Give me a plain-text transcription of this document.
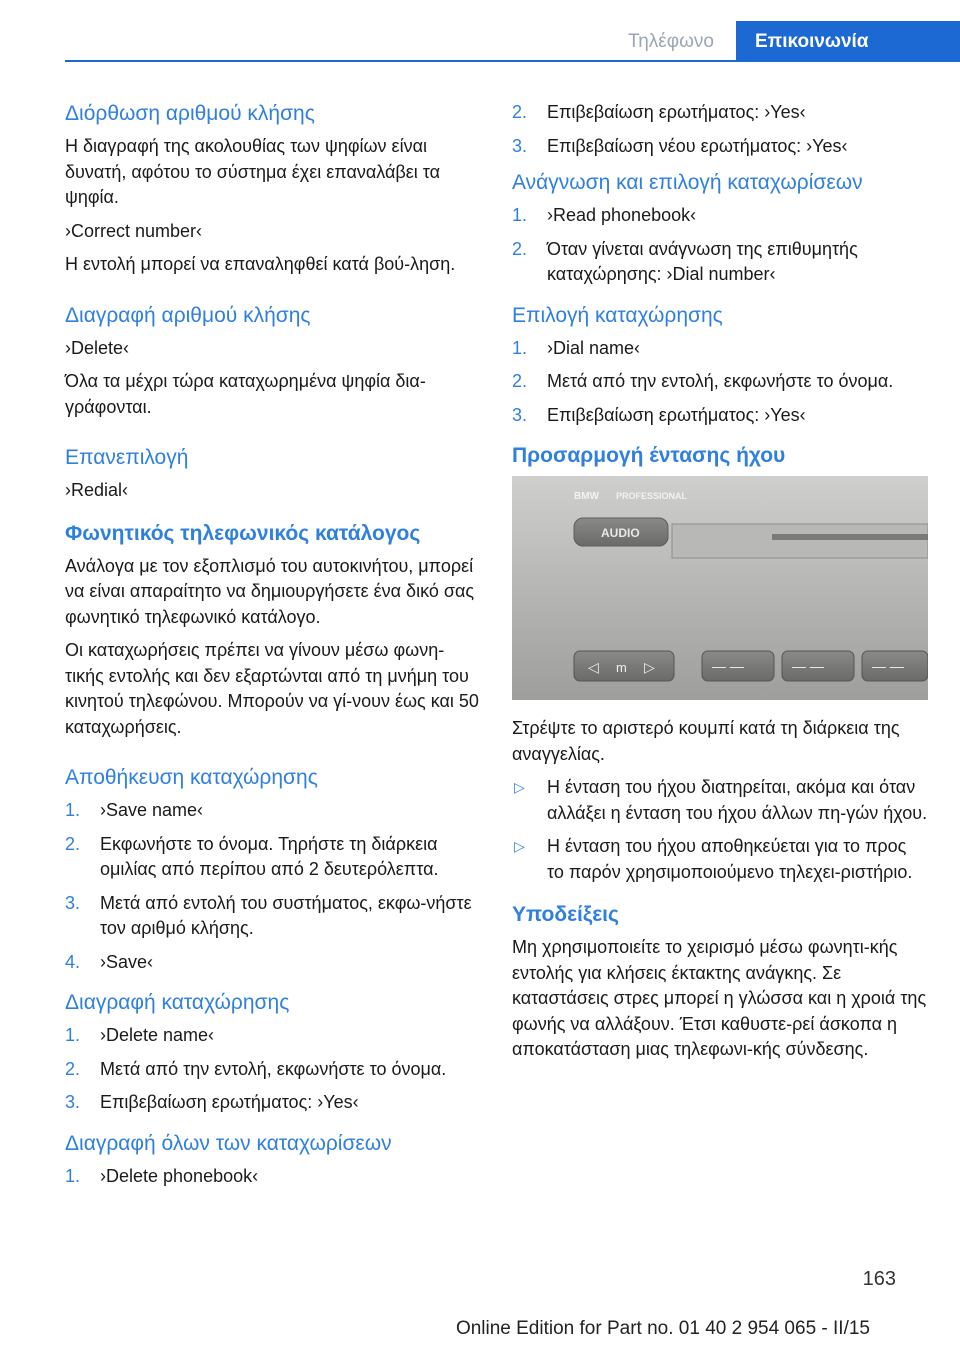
Τηλέφωνο	Επικοινωνία
Διόρθωση αριθμού κλήσης
Η διαγραφή της ακολουθίας των ψηφίων είναι δυνατή, αφότου το σύστημα έχει επαναλάβει τα ψηφία.
›Correct number‹
Η εντολή μπορεί να επαναληφθεί κατά βού‐ληση.
Διαγραφή αριθμού κλήσης
›Delete‹
Όλα τα μέχρι τώρα καταχωρημένα ψηφία δια‐γράφονται.
Επανεπιλογή
›Redial‹
Φωνητικός τηλεφωνικός κατάλογος
Ανάλογα με τον εξοπλισμό του αυτοκινήτου, μπορεί να είναι απαραίτητο να δημιουργήσετε ένα δικό σας φωνητικό τηλεφωνικό κατάλογο.
Οι καταχωρήσεις πρέπει να γίνουν μέσω φωνη‐τικής εντολής και δεν εξαρτώνται από τη μνήμη του κινητού τηλεφώνου. Μπορούν να γί‐νουν έως και 50 καταχωρήσεις.
Αποθήκευση καταχώρησης
1. ›Save name‹
2. Εκφωνήστε το όνομα. Τηρήστε τη διάρκεια ομιλίας από περίπου από 2 δευτερόλεπτα.
3. Μετά από εντολή του συστήματος, εκφω‐νήστε τον αριθμό κλήσης.
4. ›Save‹
Διαγραφή καταχώρησης
1. ›Delete name‹
2. Μετά από την εντολή, εκφωνήστε το όνομα.
3. Επιβεβαίωση ερωτήματος: ›Yes‹
Διαγραφή όλων των καταχωρίσεων
1. ›Delete phonebook‹
2. Επιβεβαίωση ερωτήματος: ›Yes‹
3. Επιβεβαίωση νέου ερωτήματος: ›Yes‹
Ανάγνωση και επιλογή καταχωρίσεων
1. ›Read phonebook‹
2. Όταν γίνεται ανάγνωση της επιθυμητής καταχώρησης: ›Dial number‹
Επιλογή καταχώρησης
1. ›Dial name‹
2. Μετά από την εντολή, εκφωνήστε το όνομα.
3. Επιβεβαίωση ερωτήματος: ›Yes‹
Προσαρμογή έντασης ήχου
BMW PROFESSIONAL
AUDIO
◁ m ▷	— —	— —	— —
Στρέψτε το αριστερό κουμπί κατά τη διάρκεια της αναγγελίας.
▷ Η ένταση του ήχου διατηρείται, ακόμα και όταν αλλάξει η ένταση του ήχου άλλων πη‐γών ήχου.
▷ Η ένταση του ήχου αποθηκεύεται για το προς το παρόν χρησιμοποιούμενο τηλεχει‐ριστήριο.
Υποδείξεις
Μη χρησιμοποιείτε το χειρισμό μέσω φωνητι‐κής εντολής για κλήσεις έκτακτης ανάγκης. Σε καταστάσεις στρες μπορεί η γλώσσα και η χροιά της φωνής να αλλάξουν. Έτσι καθυστε‐ρεί άσκοπα η αποκατάσταση μιας τηλεφωνι‐κής σύνδεσης.
163
Online Edition for Part no. 01 40 2 954 065 - II/15
